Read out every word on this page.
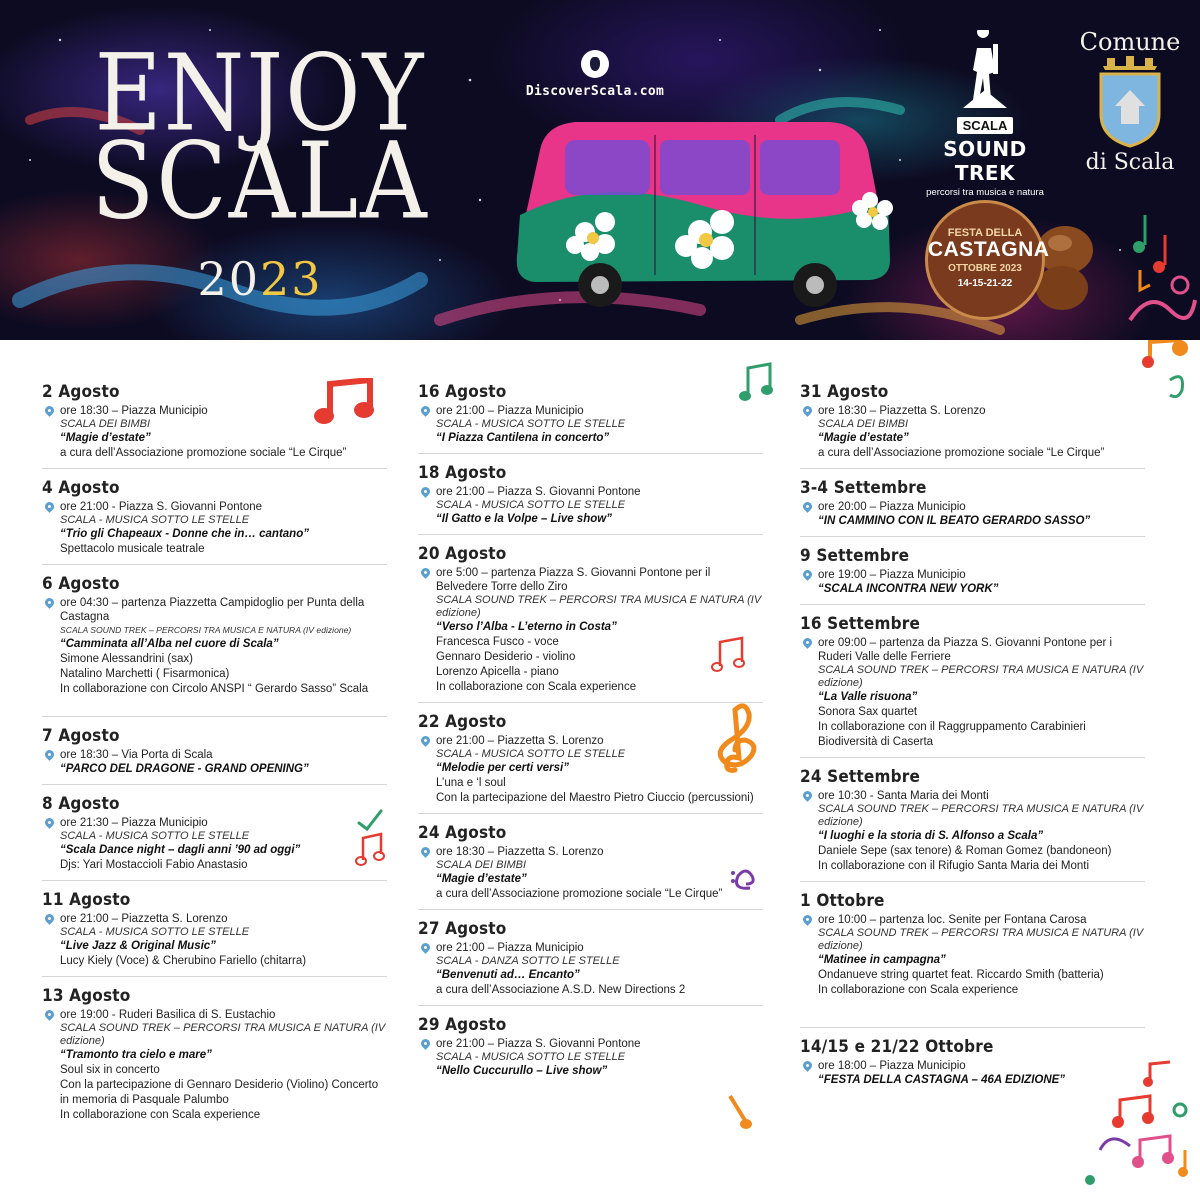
ENJOY
SCALA
2023
DiscoverScala.com
SCALA
SOUND TREK
percorsi tra musica e natura
Comune
di Scala
FESTA DELLA
CASTAGNA
OTTOBRE 2023
14-15-21-22
2 Agosto
ore 18:30 – Piazza Municipio
SCALA DEI BIMBI
“Magie d’estate”
a cura dell’Associazione promozione sociale “Le Cirque”
4 Agosto
ore 21:00 - Piazza S. Giovanni Pontone
SCALA - MUSICA SOTTO LE STELLE
“Trio gli Chapeaux - Donne che in… cantano”
Spettacolo musicale teatrale
6 Agosto
ore 04:30 – partenza Piazzetta Campidoglio per Punta della Castagna
SCALA SOUND TREK – PERCORSI TRA MUSICA E NATURA (IV edizione)
“Camminata all’Alba nel cuore di Scala”
Simone Alessandrini (sax)
Natalino Marchetti ( Fisarmonica)
In collaborazione con Circolo ANSPI “ Gerardo Sasso” Scala
7 Agosto
ore 18:30 – Via Porta di Scala
“PARCO DEL DRAGONE - GRAND OPENING”
8 Agosto
ore 21:30 – Piazza Municipio
SCALA - MUSICA SOTTO LE STELLE
“Scala Dance night – dagli anni ’90 ad oggi”
Djs: Yari Mostaccioli Fabio Anastasio
11 Agosto
ore 21:00 – Piazzetta S. Lorenzo
SCALA - MUSICA SOTTO LE STELLE
“Live Jazz & Original Music”
Lucy Kiely (Voce) & Cherubino Fariello (chitarra)
13 Agosto
ore 19:00 - Ruderi Basilica di S. Eustachio
SCALA SOUND TREK – PERCORSI TRA MUSICA E NATURA (IV edizione)
“Tramonto tra cielo e mare”
Soul six in concerto
Con la partecipazione di Gennaro Desiderio (Violino) Concerto in memoria di Pasquale Palumbo
In collaborazione con Scala experience
16 Agosto
ore 21:00 – Piazza Municipio
SCALA - MUSICA SOTTO LE STELLE
“I Piazza Cantilena in concerto”
18 Agosto
ore 21:00 – Piazza S. Giovanni Pontone
SCALA - MUSICA SOTTO LE STELLE
“Il Gatto e la Volpe – Live show”
20 Agosto
ore 5:00 – partenza Piazza S. Giovanni Pontone per il Belvedere Torre dello Ziro
SCALA SOUND TREK – PERCORSI TRA MUSICA E NATURA (IV edizione)
“Verso l’Alba - L’eterno in Costa”
Francesca Fusco - voce
Gennaro Desiderio - violino
Lorenzo Apicella - piano
In collaborazione con Scala experience
22 Agosto
ore 21:00 – Piazzetta S. Lorenzo
SCALA - MUSICA SOTTO LE STELLE
“Melodie per certi versi”
L’una e ‘l soul
Con la partecipazione del Maestro Pietro Ciuccio (percussioni)
24 Agosto
ore 18:30 – Piazzetta S. Lorenzo
SCALA DEI BIMBI
“Magie d’estate”
a cura dell’Associazione promozione sociale “Le Cirque”
27 Agosto
ore 21:00 – Piazza Municipio
SCALA - DANZA SOTTO LE STELLE
“Benvenuti ad… Encanto”
a cura dell’Associazione A.S.D. New Directions 2
29 Agosto
ore 21:00 – Piazza S. Giovanni Pontone
SCALA - MUSICA SOTTO LE STELLE
“Nello Cuccurullo – Live show”
31 Agosto
ore 18:30 – Piazzetta S. Lorenzo
SCALA DEI BIMBI
“Magie d’estate”
a cura dell’Associazione promozione sociale “Le Cirque”
3-4 Settembre
ore 20:00 – Piazza Municipio
“IN CAMMINO CON IL BEATO GERARDO SASSO”
9 Settembre
ore 19:00 – Piazza Municipio
“SCALA INCONTRA NEW YORK”
16 Settembre
ore 09:00 – partenza da Piazza S. Giovanni Pontone per i Ruderi Valle delle Ferriere
SCALA SOUND TREK – PERCORSI TRA MUSICA E NATURA (IV edizione)
“La Valle risuona”
Sonora Sax quartet
In collaborazione con il Raggruppamento Carabinieri Biodiversità di Caserta
24 Settembre
ore 10:30 - Santa Maria dei Monti
SCALA SOUND TREK – PERCORSI TRA MUSICA E NATURA (IV edizione)
“I luoghi e la storia di S. Alfonso a Scala”
Daniele Sepe (sax tenore) & Roman Gomez (bandoneon)
In collaborazione con il Rifugio Santa Maria dei Monti
1 Ottobre
ore 10:00 – partenza loc. Senite per Fontana Carosa
SCALA SOUND TREK – PERCORSI TRA MUSICA E NATURA (IV edizione)
“Matinee in campagna”
Ondanueve string quartet feat. Riccardo Smith (batteria)
In collaborazione con Scala experience
14/15 e 21/22 Ottobre
ore 18:00 – Piazza Municipio
“FESTA DELLA CASTAGNA – 46A EDIZIONE”
